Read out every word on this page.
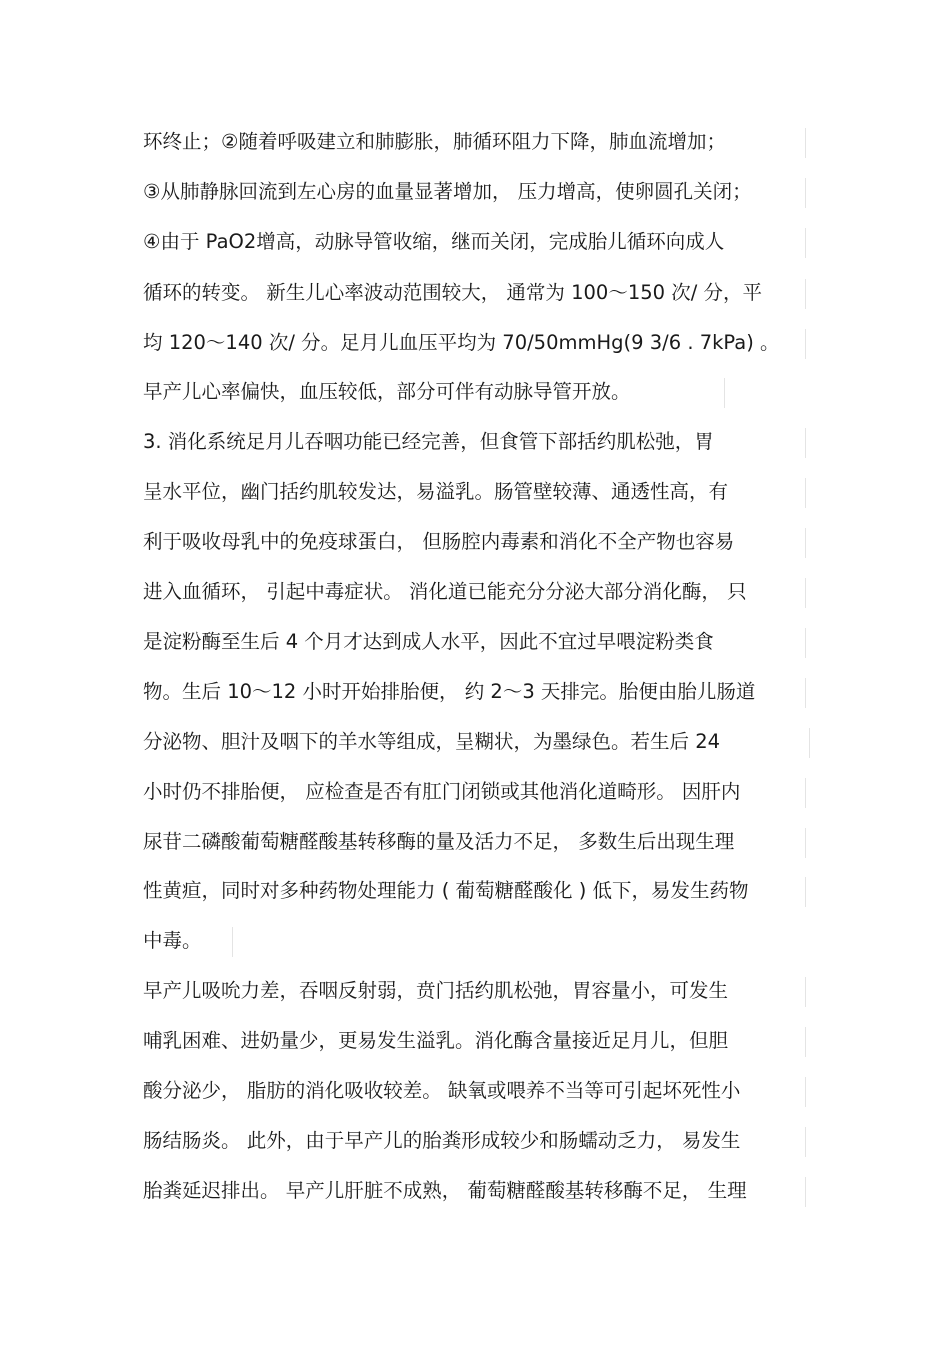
环终止；②随着呼吸建立和肺膨胀，肺循环阻力下降，肺血流增加；
③从肺静脉回流到左心房的血量显著增加， 压力增高，使卵圆孔关闭；
④由于 PaO2增高，动脉导管收缩，继而关闭，完成胎儿循环向成人
循环的转变。 新生儿心率波动范围较大， 通常为 100～150 次/ 分，平
均 120～140 次/ 分。足月儿血压平均为 70/50mmHg(9 3/6 . 7kPa) 。
早产儿心率偏快，血压较低，部分可伴有动脉导管开放。
3. 消化系统足月儿吞咽功能已经完善，但食管下部括约肌松弛，胃
呈水平位，幽门括约肌较发达，易溢乳。肠管壁较薄、通透性高，有
利于吸收母乳中的免疫球蛋白， 但肠腔内毒素和消化不全产物也容易
进入血循环， 引起中毒症状。 消化道已能充分分泌大部分消化酶， 只
是淀粉酶至生后 4 个月才达到成人水平，因此不宜过早喂淀粉类食
物。生后 10～12 小时开始排胎便， 约 2～3 天排完。胎便由胎儿肠道
分泌物、胆汁及咽下的羊水等组成，呈糊状，为墨绿色。若生后 24
小时仍不排胎便， 应检查是否有肛门闭锁或其他消化道畸形。 因肝内
尿苷二磷酸葡萄糖醛酸基转移酶的量及活力不足， 多数生后出现生理
性黄疸，同时对多种药物处理能力 ( 葡萄糖醛酸化 ) 低下，易发生药物
中毒。
早产儿吸吮力差，吞咽反射弱，贲门括约肌松弛，胃容量小，可发生
哺乳困难、进奶量少，更易发生溢乳。消化酶含量接近足月儿，但胆
酸分泌少， 脂肪的消化吸收较差。 缺氧或喂养不当等可引起坏死性小
肠结肠炎。 此外，由于早产儿的胎粪形成较少和肠蠕动乏力， 易发生
胎粪延迟排出。 早产儿肝脏不成熟， 葡萄糖醛酸基转移酶不足， 生理
